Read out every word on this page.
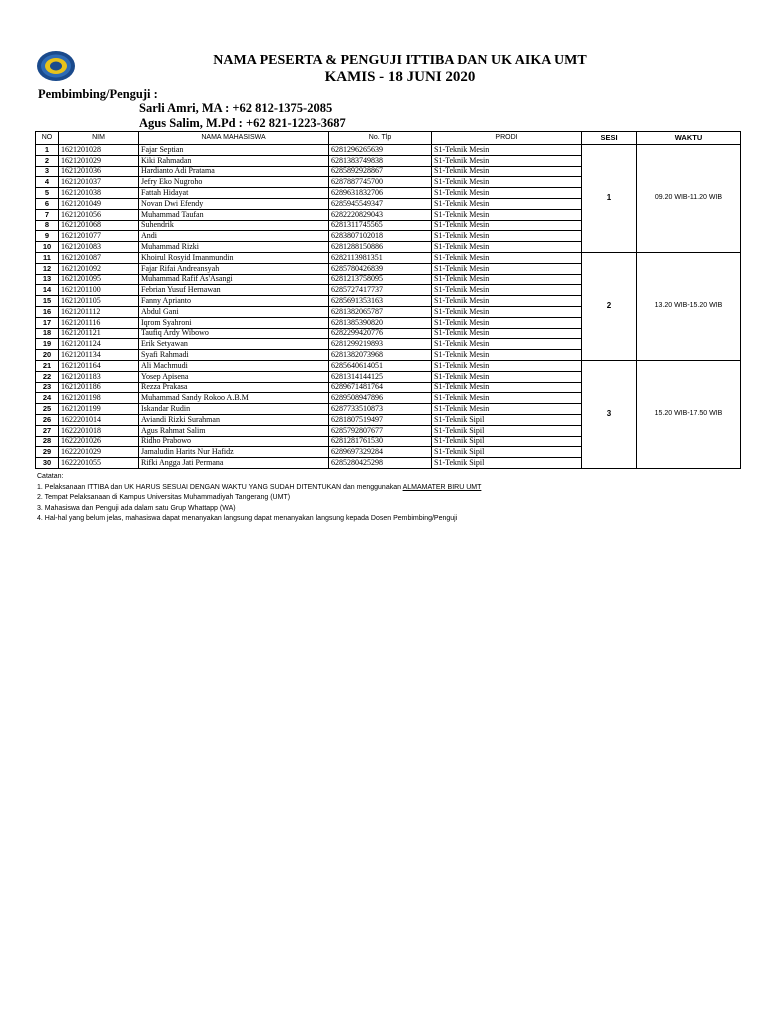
NAMA PESERTA & PENGUJI ITTIBA DAN UK AIKA UMT
KAMIS - 18 JUNI 2020
Pembimbing/Penguji :
Sarli Amri, MA : +62 812-1375-2085
Agus Salim, M.Pd : +62 821-1223-3687
NO	NIM	NAMA MAHASISWA	No. Tlp	PRODI	SESI	WAKTU
1	1621201028	Fajar Septian	6281296265639	S1-Teknik Mesin	1	09.20 WIB-11.20 WIB
2	1621201029	Kiki Rahmadan	6281383749838	S1-Teknik Mesin		
3	1621201036	Hardianto Adi Pratama	6285892928867	S1-Teknik Mesin		
4	1621201037	Jefry Eko Nugroho	6287887745700	S1-Teknik Mesin		
5	1621201038	Fattah Hidayat	6289631832706	S1-Teknik Mesin		
6	1621201049	Novan Dwi Efendy	6285945549347	S1-Teknik Mesin		
7	1621201056	Muhammad Taufan	6282220829043	S1-Teknik Mesin		
8	1621201068	Suhendrik	6281311745565	S1-Teknik Mesin		
9	1621201077	Andi	6283807102018	S1-Teknik Mesin		
10	1621201083	Muhammad Rizki	6281288150886	S1-Teknik Mesin		
11	1621201087	Khoirul Rosyid Imanmundin	6282113981351	S1-Teknik Mesin	2	13.20 WIB-15.20 WIB
12	1621201092	Fajar Rifai Andreansyah	6285780426839	S1-Teknik Mesin		
13	1621201095	Muhammad Rafif As'Asangi	6281213758095	S1-Teknik Mesin		
14	1621201100	Febrian Yusuf Hernawan	6285727417737	S1-Teknik Mesin		
15	1621201105	Fanny Aprianto	6285691353163	S1-Teknik Mesin		
16	1621201112	Abdul Gani	6281382065787	S1-Teknik Mesin		
17	1621201116	Iqrom Syahroni	6281385390820	S1-Teknik Mesin		
18	1621201121	Taufiq Ardy Wibowo	6282299420776	S1-Teknik Mesin		
19	1621201124	Erik Setyawan	6281299219893	S1-Teknik Mesin		
20	1621201134	Syafi Rahmadi	6281382073968	S1-Teknik Mesin		
21	1621201164	Ali Machmudi	6285640614051	S1-Teknik Mesin	3	15.20 WIB-17.50 WIB
22	1621201183	Yosep Apisena	6281314144125	S1-Teknik Mesin		
23	1621201186	Rezza Prakasa	6289671481764	S1-Teknik Mesin		
24	1621201198	Muhammad Sandy Rokoo A.B.M	6289508947896	S1-Teknik Mesin		
25	1621201199	Iskandar Rudin	6287733510873	S1-Teknik Mesin		
26	1622201014	Aviandi Rizki Surahman	6281807519497	S1-Teknik Sipil		
27	1622201018	Agus Rahmat Salim	6285792807677	S1-Teknik Sipil		
28	1622201026	Ridho Prabowo	6281281761530	S1-Teknik Sipil		
29	1622201029	Jamaludin Harits Nur Hafidz	6289697329284	S1-Teknik Sipil		
30	1622201055	Rifki Angga Jati Permana	6285280425298	S1-Teknik Sipil		
Catatan:
1. Pelaksanaan ITTIBA dan UK HARUS SESUAI DENGAN WAKTU YANG SUDAH DITENTUKAN dan menggunakan ALMAMATER BIRU UMT
2. Tempat Pelaksanaan di Kampus Universitas Muhammadiyah Tangerang (UMT)
3. Mahasiswa dan Penguji ada dalam satu Grup Whattapp (WA)
4. Hal-hal yang belum jelas, mahasiswa dapat menanyakan langsung dapat menanyakan langsung kepada Dosen Pembimbing/Penguji
